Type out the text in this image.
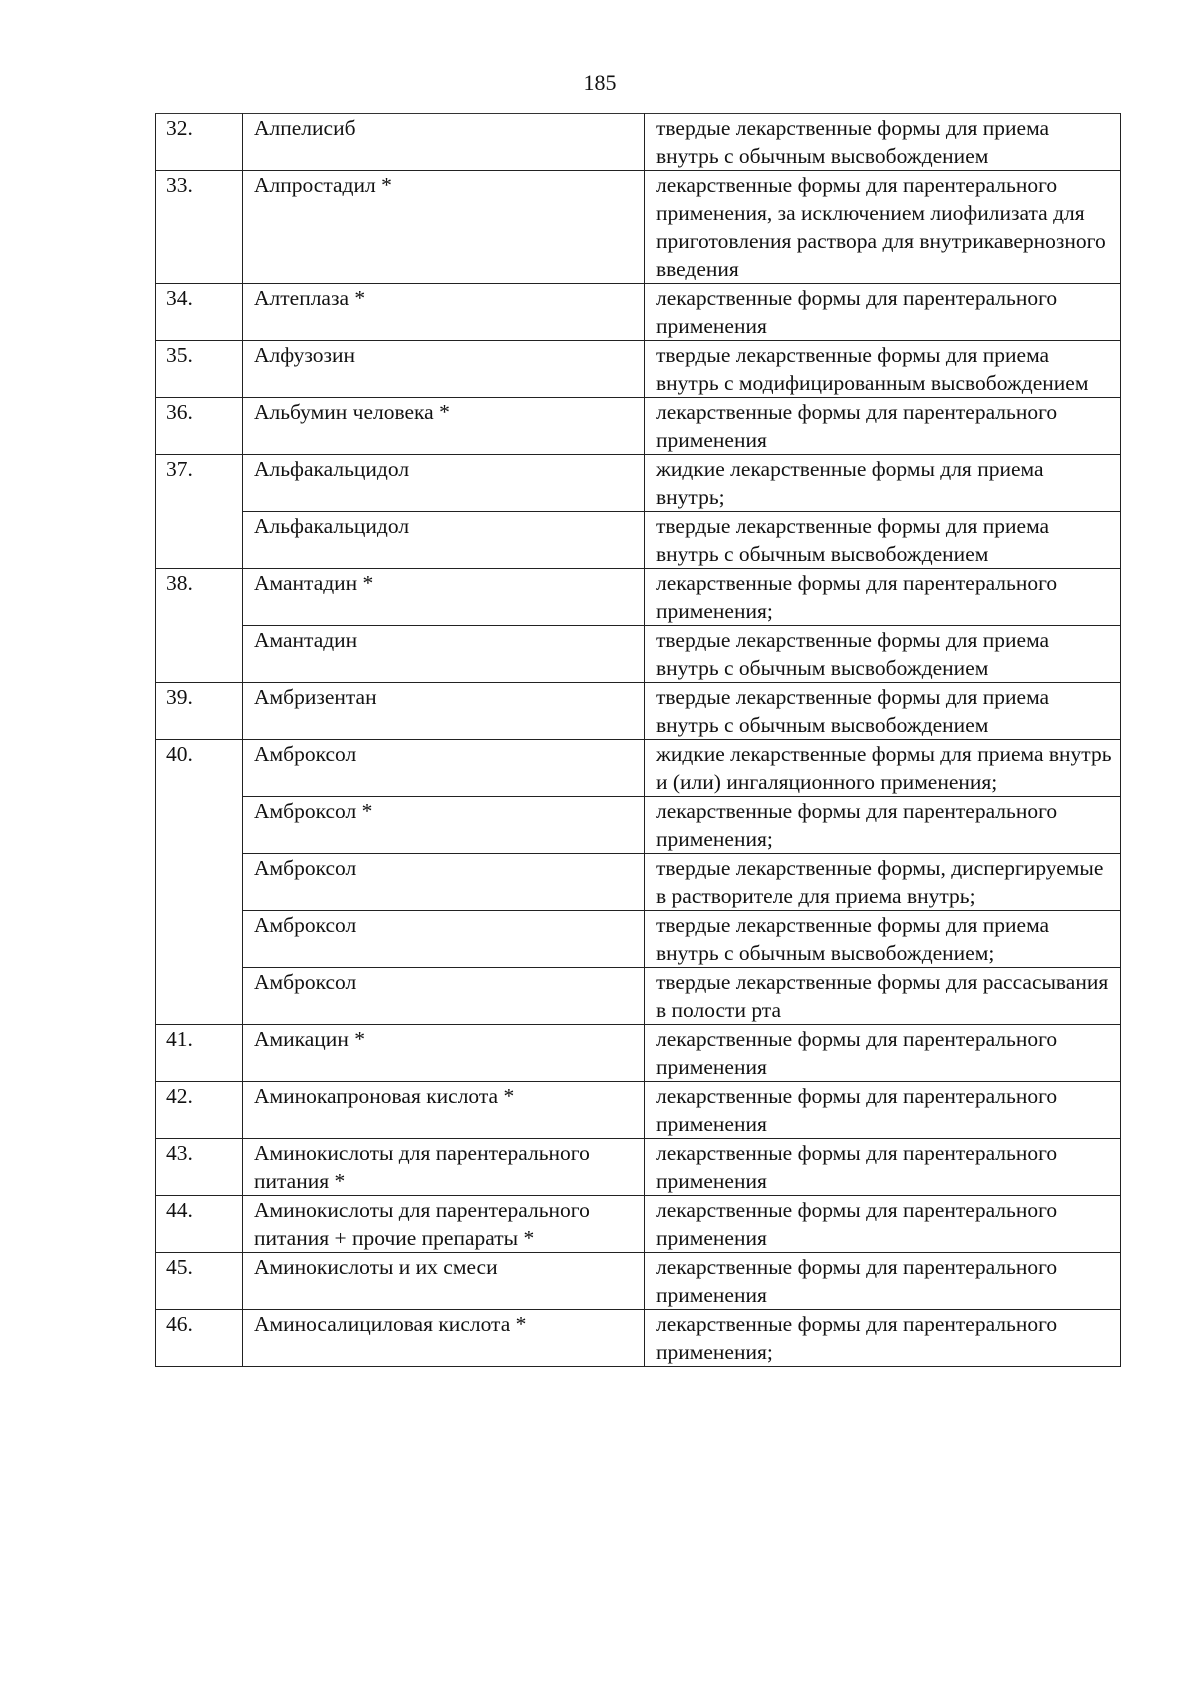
185
32.	Алпелисиб	твердые лекарственные формы для приема внутрь с обычным высвобождением
33.	Алпростадил *	лекарственные формы для парентерального применения, за исключением лиофилизата для приготовления раствора для внутрикавернозного введения
34.	Алтеплаза *	лекарственные формы для парентерального применения
35.	Алфузозин	твердые лекарственные формы для приема внутрь с модифицированным высвобождением
36.	Альбумин человека *	лекарственные формы для парентерального применения
37.	Альфакальцидол	жидкие лекарственные формы для приема внутрь;
	Альфакальцидол	твердые лекарственные формы для приема внутрь с обычным высвобождением
38.	Амантадин *	лекарственные формы для парентерального применения;
	Амантадин	твердые лекарственные формы для приема внутрь с обычным высвобождением
39.	Амбризентан	твердые лекарственные формы для приема внутрь с обычным высвобождением
40.	Амброксол	жидкие лекарственные формы для приема внутрь и (или) ингаляционного применения;
	Амброксол *	лекарственные формы для парентерального применения;
	Амброксол	твердые лекарственные формы, диспергируемые в растворителе для приема внутрь;
	Амброксол	твердые лекарственные формы для приема внутрь с обычным высвобождением;
	Амброксол	твердые лекарственные формы для рассасывания в полости рта
41.	Амикацин *	лекарственные формы для парентерального применения
42.	Аминокапроновая кислота *	лекарственные формы для парентерального применения
43.	Аминокислоты для парентерального питания *	лекарственные формы для парентерального применения
44.	Аминокислоты для парентерального питания + прочие препараты *	лекарственные формы для парентерального применения
45.	Аминокислоты и их смеси	лекарственные формы для парентерального применения
46.	Аминосалициловая кислота *	лекарственные формы для парентерального применения;
